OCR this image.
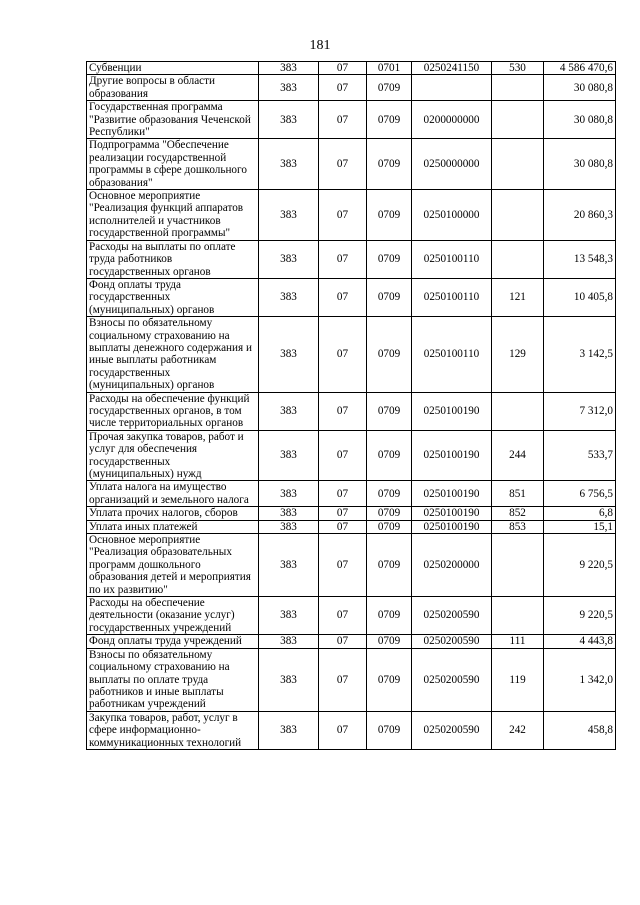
181
Субвенции	383	07	0701	0250241150	530	4 586 470,6
Другие вопросы в области образования	383	07	0709			30 080,8
Государственная программа "Развитие образования Чеченской Республики"	383	07	0709	0200000000		30 080,8
Подпрограмма "Обеспечение реализации государственной программы в сфере дошкольного образования"	383	07	0709	0250000000		30 080,8
Основное мероприятие "Реализация функций аппаратов исполнителей и участников государственной программы"	383	07	0709	0250100000		20 860,3
Расходы на выплаты по оплате труда работников государственных органов	383	07	0709	0250100110		13 548,3
Фонд оплаты труда государственных (муниципальных) органов	383	07	0709	0250100110	121	10 405,8
Взносы по обязательному социальному страхованию на выплаты денежного содержания и иные выплаты работникам государственных (муниципальных) органов	383	07	0709	0250100110	129	3 142,5
Расходы на обеспечение функций государственных органов, в том числе территориальных органов	383	07	0709	0250100190		7 312,0
Прочая закупка товаров, работ и услуг для обеспечения государственных (муниципальных) нужд	383	07	0709	0250100190	244	533,7
Уплата налога на имущество организаций и земельного налога	383	07	0709	0250100190	851	6 756,5
Уплата прочих налогов, сборов	383	07	0709	0250100190	852	6,8
Уплата иных платежей	383	07	0709	0250100190	853	15,1
Основное мероприятие "Реализация образовательных программ дошкольного образования детей и мероприятия по их развитию"	383	07	0709	0250200000		9 220,5
Расходы на обеспечение деятельности (оказание услуг) государственных учреждений	383	07	0709	0250200590		9 220,5
Фонд оплаты труда учреждений	383	07	0709	0250200590	111	4 443,8
Взносы по обязательному социальному страхованию на выплаты по оплате труда работников и иные выплаты работникам учреждений	383	07	0709	0250200590	119	1 342,0
Закупка товаров, работ, услуг в сфере информационно-коммуникационных технологий	383	07	0709	0250200590	242	458,8
